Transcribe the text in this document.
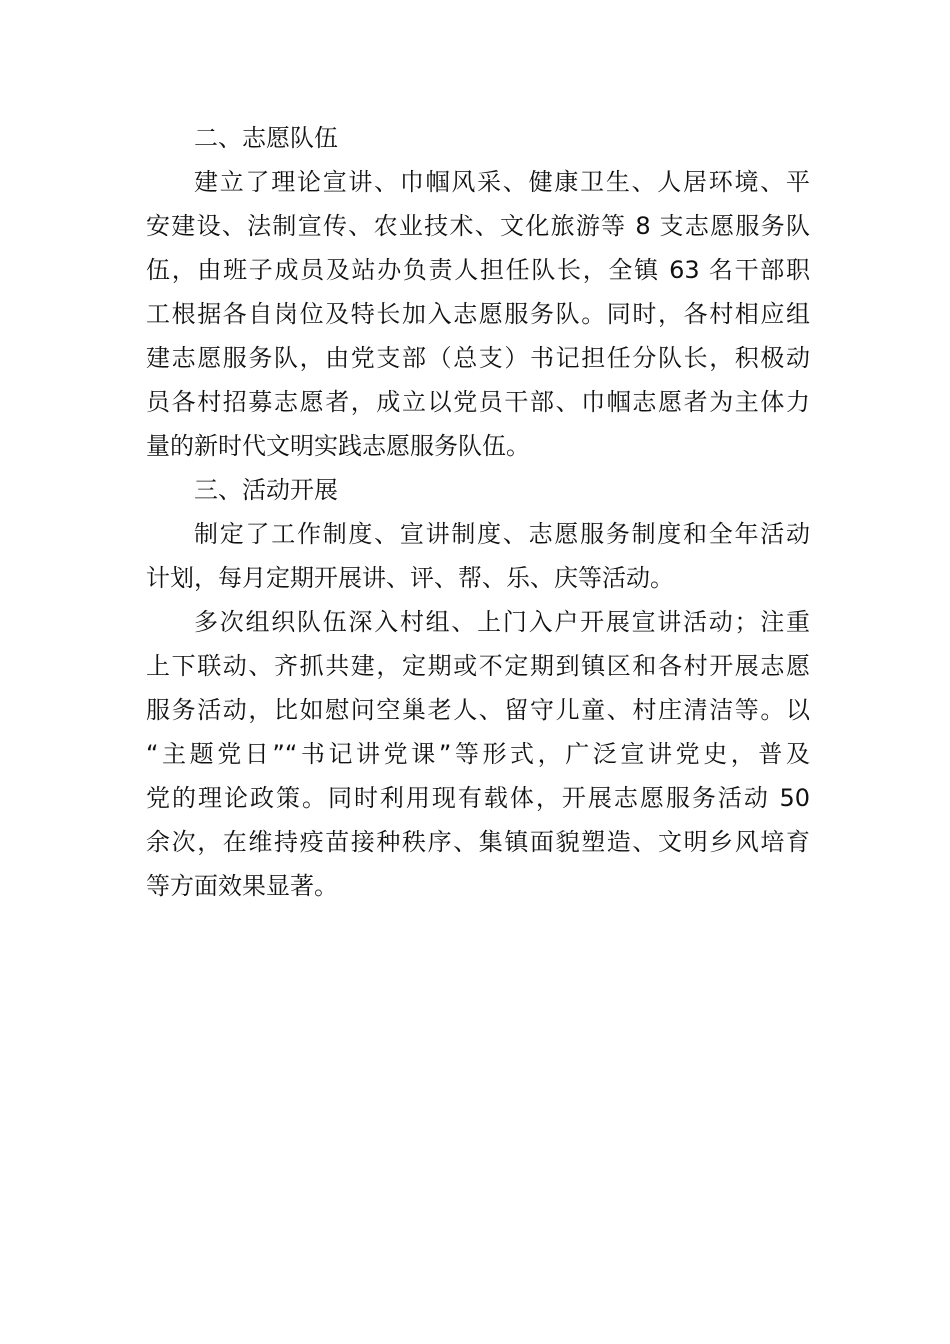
二、志愿队伍

建立了理论宣讲、巾帼风采、健康卫生、人居环境、平
安建设、法制宣传、农业技术、文化旅游等 8 支志愿服务队
伍，由班子成员及站办负责人担任队长，全镇 63 名干部职
工根据各自岗位及特长加入志愿服务队。同时，各村相应组
建志愿服务队，由党支部（总支）书记担任分队长，积极动
员各村招募志愿者，成立以党员干部、巾帼志愿者为主体力
量的新时代文明实践志愿服务队伍。

三、活动开展

制定了工作制度、宣讲制度、志愿服务制度和全年活动
计划，每月定期开展讲、评、帮、乐、庆等活动。

多次组织队伍深入村组、上门入户开展宣讲活动；注重
上下联动、齐抓共建，定期或不定期到镇区和各村开展志愿
服务活动，比如慰问空巢老人、留守儿童、村庄清洁等。以
“主题党日”“书记讲党课”等形式，广泛宣讲党史，普及
党的理论政策。同时利用现有载体，开展志愿服务活动 50
余次，在维持疫苗接种秩序、集镇面貌塑造、文明乡风培育
等方面效果显著。
